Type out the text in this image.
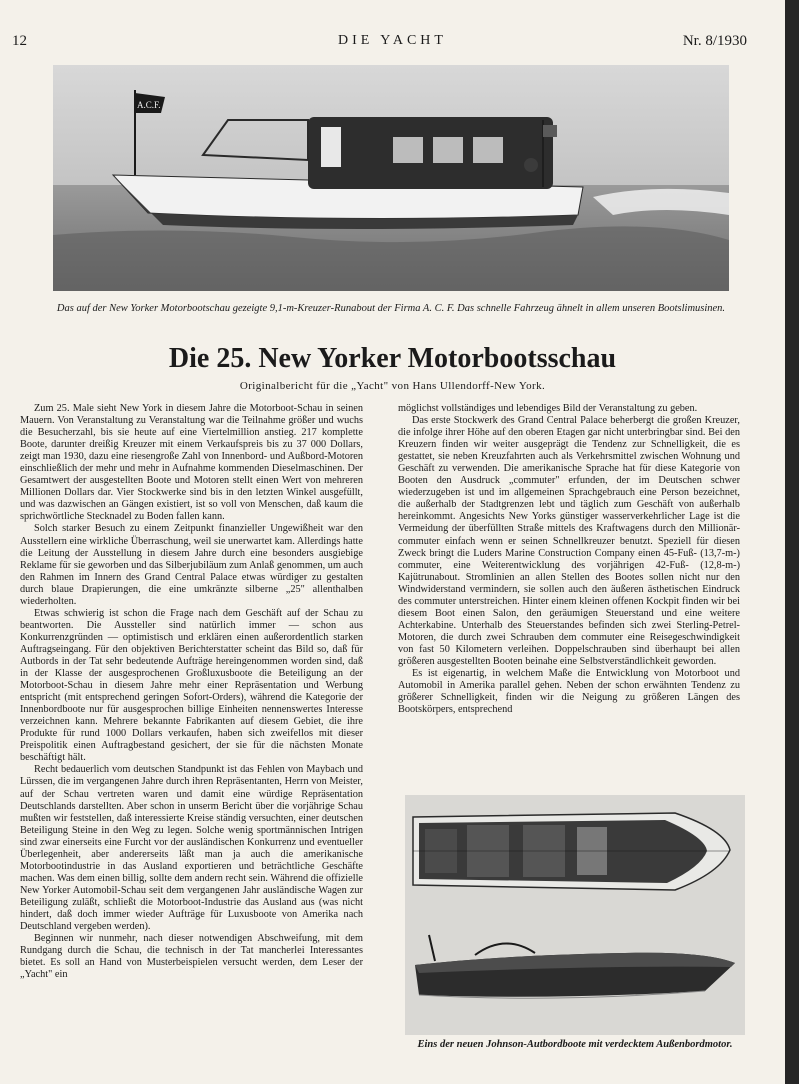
12	DIE YACHT	Nr. 8/1930
A.C.F.
Das auf der New Yorker Motorbootschau gezeigte 9,1-m-Kreuzer-Runabout der Firma A. C. F. Das schnelle Fahrzeug ähnelt in allem unseren Bootslimusinen.
Die 25. New Yorker Motorbootsschau
Originalbericht für die „Yacht" von Hans Ullendorff-New York.

Zum 25. Male sieht New York in diesem Jahre die Motorboot-Schau in seinen Mauern. Von Veranstaltung zu Veranstaltung war die Teilnahme größer und wuchs die Besucherzahl, bis sie heute auf eine Viertelmillion anstieg. 217 komplette Boote, darunter dreißig Kreuzer mit einem Verkaufspreis bis zu 37 000 Dollars, zeigt man 1930, dazu eine riesengroße Zahl von Innenbord- und Außbord-Motoren einschließlich der mehr und mehr in Aufnahme kommenden Dieselmaschinen. Der Gesamtwert der ausgestellten Boote und Motoren stellt einen Wert von mehreren Millionen Dollars dar. Vier Stockwerke sind bis in den letzten Winkel ausgefüllt, und was dazwischen an Gängen existiert, ist so voll von Menschen, daß kaum die sprichwörtliche Stecknadel zu Boden fallen kann.

Solch starker Besuch zu einem Zeitpunkt finanzieller Ungewißheit war den Ausstellern eine wirkliche Überraschung, weil sie unerwartet kam. Allerdings hatte die Leitung der Ausstellung in diesem Jahre durch eine besonders ausgiebige Reklame für sie geworben und das Silberjubiläum zum Anlaß genommen, um auch den Rahmen im Innern des Grand Central Palace etwas würdiger zu gestalten durch blaue Drapierungen, die eine umkränzte silberne „25" allenthalben wiederholten.

Etwas schwierig ist schon die Frage nach dem Geschäft auf der Schau zu beantworten. Die Aussteller sind natürlich immer — schon aus Konkurrenzgründen — optimistisch und erklären einen außerordentlich starken Auftragseingang. Für den objektiven Berichterstatter scheint das Bild so, daß für Autbords in der Tat sehr bedeutende Aufträge hereingenommen worden sind, daß in der Klasse der ausgesprochenen Großluxusboote die Beteiligung an der Motorboot-Schau in diesem Jahre mehr einer Repräsentation und Werbung entspricht (mit entsprechend geringen Sofort-Orders), während die Kategorie der Innenbordboote nur für ausgesprochen billige Einheiten nennenswertes Interesse verzeichnen kann. Mehrere bekannte Fabrikanten auf diesem Gebiet, die ihre Produkte für rund 1000 Dollars verkaufen, haben sich zweifellos mit dieser Preispolitik einen Auftragbestand gesichert, der sie für die nächsten Monate beschäftigt hält.

Recht bedauerlich vom deutschen Standpunkt ist das Fehlen von Maybach und Lürssen, die im vergangenen Jahre durch ihren Repräsentanten, Herrn von Meister, auf der Schau vertreten waren und damit eine würdige Repräsentation Deutschlands darstellten. Aber schon in unserm Bericht über die vorjährige Schau mußten wir feststellen, daß interessierte Kreise ständig versuchten, einer deutschen Beteiligung Steine in den Weg zu legen. Solche wenig sportmännischen Intrigen sind zwar einerseits eine Furcht vor der ausländischen Konkurrenz und eventueller Überlegenheit, aber andererseits läßt man ja auch die amerikanische Motorbootindustrie in das Ausland exportieren und beträchtliche Geschäfte machen. Was dem einen billig, sollte dem andern recht sein. Während die offizielle New Yorker Automobil-Schau seit dem vergangenen Jahr ausländische Wagen zur Beteiligung zuläßt, schließt die Motorboot-Industrie das Ausland aus (was nicht hindert, daß doch immer wieder Aufträge für Luxusboote von Amerika nach Deutschland vergeben werden).

Beginnen wir nunmehr, nach dieser notwendigen Abschweifung, mit dem Rundgang durch die Schau, die technisch in der Tat mancherlei Interessantes bietet. Es soll an Hand von Musterbeispielen versucht werden, dem Leser der „Yacht" ein

möglichst vollständiges und lebendiges Bild der Veranstaltung zu geben.

Das erste Stockwerk des Grand Central Palace beherbergt die großen Kreuzer, die infolge ihrer Höhe auf den oberen Etagen gar nicht unterbringbar sind. Bei den Kreuzern finden wir weiter ausgeprägt die Tendenz zur Schnelligkeit, die es gestattet, sie neben Kreuzfahrten auch als Verkehrsmittel zwischen Wohnung und Geschäft zu verwenden. Die amerikanische Sprache hat für diese Kategorie von Booten den Ausdruck „commuter" erfunden, der im Deutschen schwer wiederzugeben ist und im allgemeinen Sprachgebrauch eine Person bezeichnet, die außerhalb der Stadtgrenzen lebt und täglich zum Geschäft von außerhalb hereinkommt. Angesichts New Yorks günstiger wasserverkehrlicher Lage ist die Vermeidung der überfüllten Straße mittels des Kraftwagens durch den Millionär-commuter einfach wenn er seinen Schnellkreuzer benutzt. Speziell für diesen Zweck bringt die Luders Marine Construction Company einen 45-Fuß- (13,7-m-) commuter, eine Weiterentwicklung des vorjährigen 42-Fuß- (12,8-m-) Kajütrunabout. Stromlinien an allen Stellen des Bootes sollen nicht nur den Windwiderstand vermindern, sie sollen auch den äußeren ästhetischen Eindruck des commuter unterstreichen. Hinter einem kleinen offenen Kockpit finden wir bei diesem Boot einen Salon, den geräumigen Steuerstand und eine weitere Achterkabine. Unterhalb des Steuerstandes befinden sich zwei Sterling-Petrel-Motoren, die durch zwei Schrauben dem commuter eine Reisegeschwindigkeit von fast 50 Kilometern verleihen. Doppelschrauben sind überhaupt bei allen größeren ausgestellten Booten beinahe eine Selbstverständlichkeit geworden.

Es ist eigenartig, in welchem Maße die Entwicklung von Motorboot und Automobil in Amerika parallel gehen. Neben der schon erwähnten Tendenz zu größerer Schnelligkeit, finden wir die Neigung zu größeren Längen des Bootskörpers, entsprechend

Eins der neuen Johnson-Autbordboote mit verdecktem Außenbordmotor.
